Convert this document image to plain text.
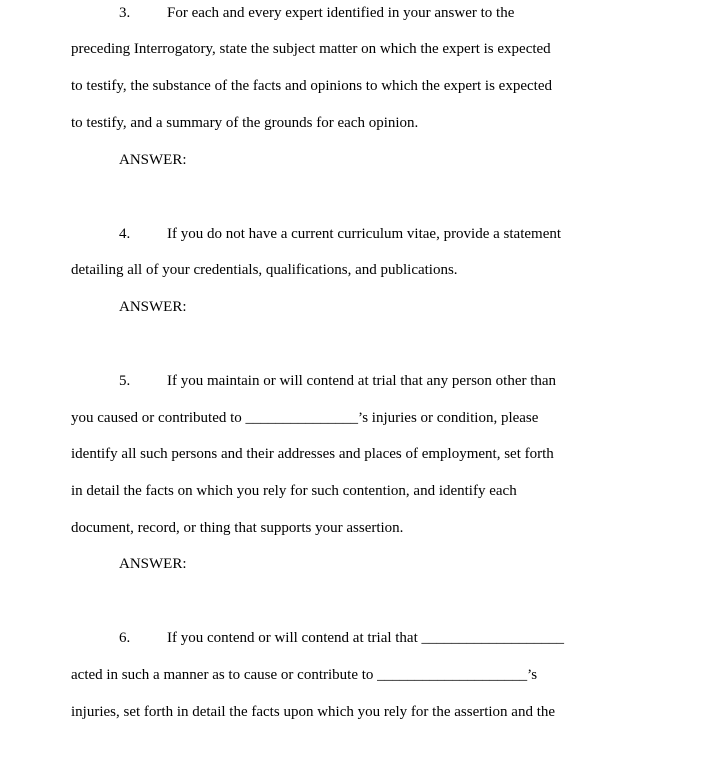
3. For each and every expert identified in your answer to the
preceding Interrogatory, state the subject matter on which the expert is expected
to testify, the substance of the facts and opinions to which the expert is expected
to testify, and a summary of the grounds for each opinion.
ANSWER:
4. If you do not have a current curriculum vitae, provide a statement
detailing all of your credentials, qualifications, and publications.
ANSWER:
5. If you maintain or will contend at trial that any person other than
you caused or contributed to _______________’s injuries or condition, please
identify all such persons and their addresses and places of employment, set forth
in detail the facts on which you rely for such contention, and identify each
document, record, or thing that supports your assertion.
ANSWER:
6. If you contend or will contend at trial that ___________________
acted in such a manner as to cause or contribute to ____________________’s
injuries, set forth in detail the facts upon which you rely for the assertion and the
